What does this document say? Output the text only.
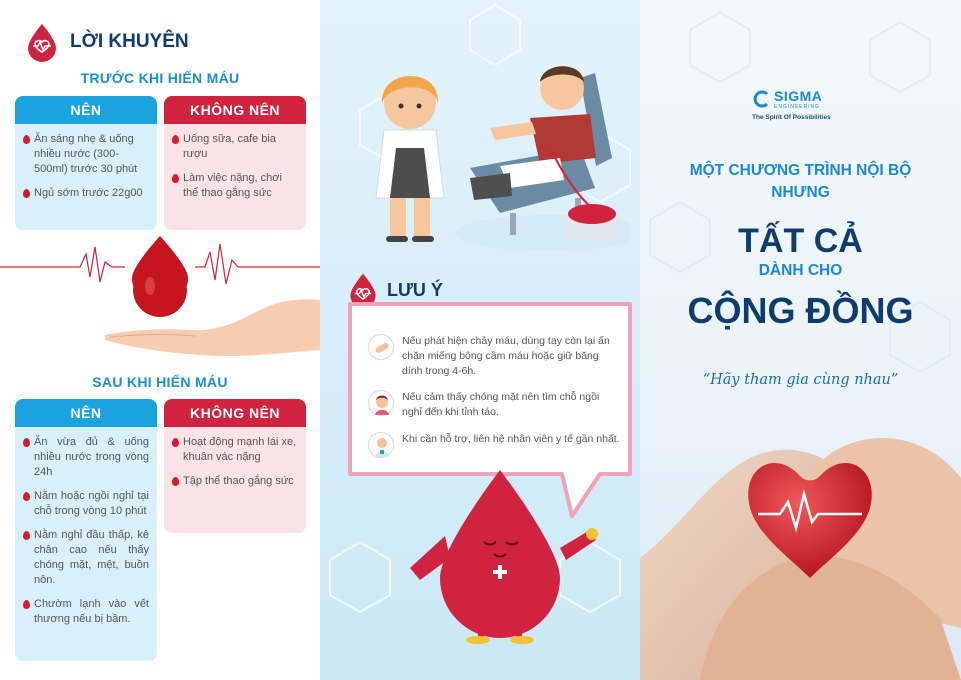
LỜI KHUYÊN
TRƯỚC KHI HIẾN MÁU
NÊN
Ăn sáng nhẹ & uống nhiều nước (300-500ml) trước 30 phút
Ngủ sớm trước 22g00
KHÔNG NÊN
Uống sữa, cafe bia rượu
Làm việc nặng, chơi thể thao gắng sức
SAU KHI HIẾN MÁU
NÊN
Ăn vừa đủ & uống nhiều nước trong vòng 24h
Nằm hoặc ngồi nghỉ tại chỗ trong vòng 10 phút
Nằm nghỉ đầu thấp, kê chân cao nếu thấy chóng mặt, mệt, buồn nôn.
Chườm lạnh vào vết thương nếu bị bầm.
KHÔNG NÊN
Hoạt động mạnh lái xe, khuân vác nặng
Tập thể thao gắng sức
LƯU Ý
Nếu phát hiện chảy máu, dùng tay còn lại ấn chặn miếng bông cầm máu hoặc giữ băng dính trong 4-6h.
Nếu cảm thấy chóng mặt nên tìm chỗ ngồi nghỉ đến khi tỉnh táo.
Khi cần hỗ trợ, liên hệ nhân viên y tế gần nhất.
SIGMA
ENGINEERING
The Spirit Of Possibilities
MỘT CHƯƠNG TRÌNH NỘI BỘ
NHƯNG
TẤT CẢ
DÀNH CHO
CỘNG ĐỒNG
“Hãy tham gia cùng nhau”
